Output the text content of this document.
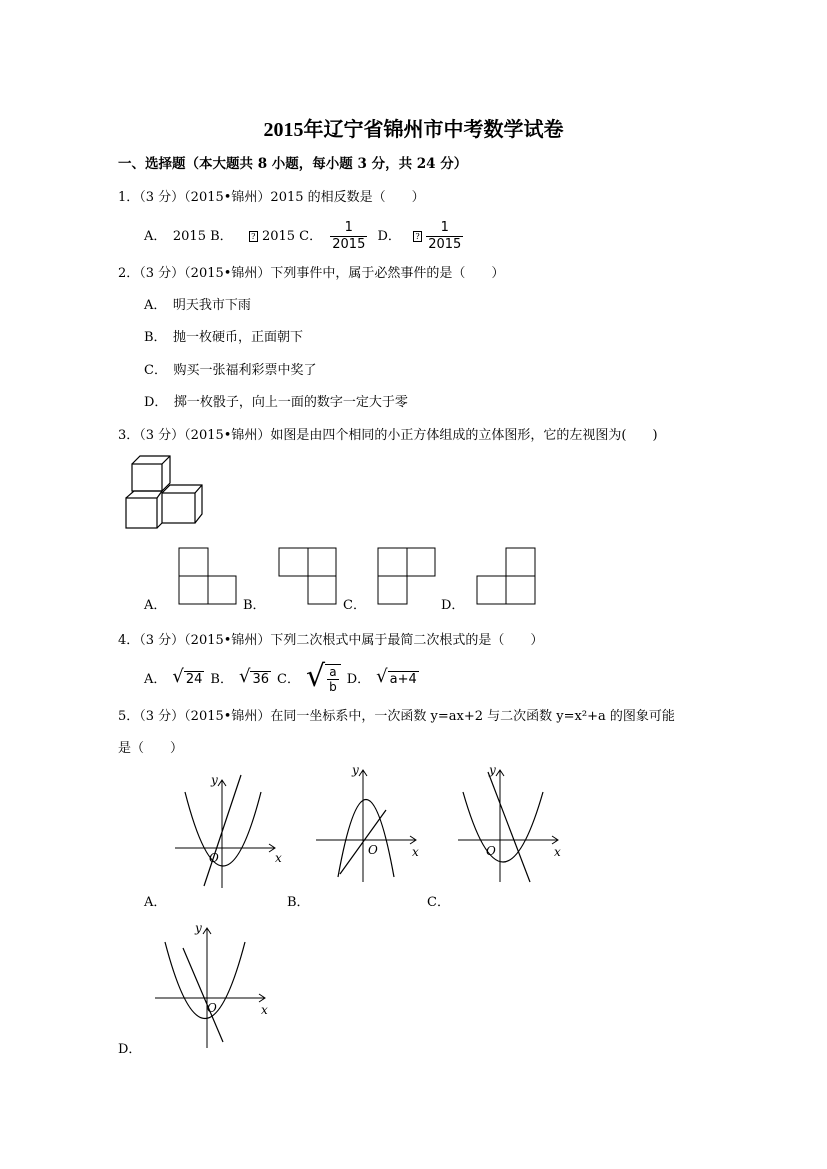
2015年辽宁省锦州市中考数学试卷
一、选择题（本大题共 8 小题，每小题 3 分，共 24 分）
1．（3 分）（2015•锦州）2015 的相反数是（　　）
A．　2015 B． ? 2015 C． $\frac{1}{2015}$ D． ? $\frac{1}{2015}$
2．（3 分）（2015•锦州）下列事件中，属于必然事件的是（　　）
A．　明天我市下雨
B．　抛一枚硬币，正面朝下
C．　购买一张福利彩票中奖了
D．　掷一枚骰子，向上一面的数字一定大于零
3．（3 分）（2015•锦州）如图是由四个相同的小正方体组成的立体图形，它的左视图为(　　)
A．	B．	C．	D．
4．（3 分）（2015•锦州）下列二次根式中属于最简二次根式的是（　　）
A． √ 24 B． √ 36 C． √ $\frac{a}{b}$ D． √ a+4
5．（3 分）（2015•锦州）在同一坐标系中，一次函数 y=ax+2 与二次函数 y=x²+a 的图象可能
是（　　）
x
y
O
A．
x
y
O
B．
x
y
O
C．
x
y
O
D．
